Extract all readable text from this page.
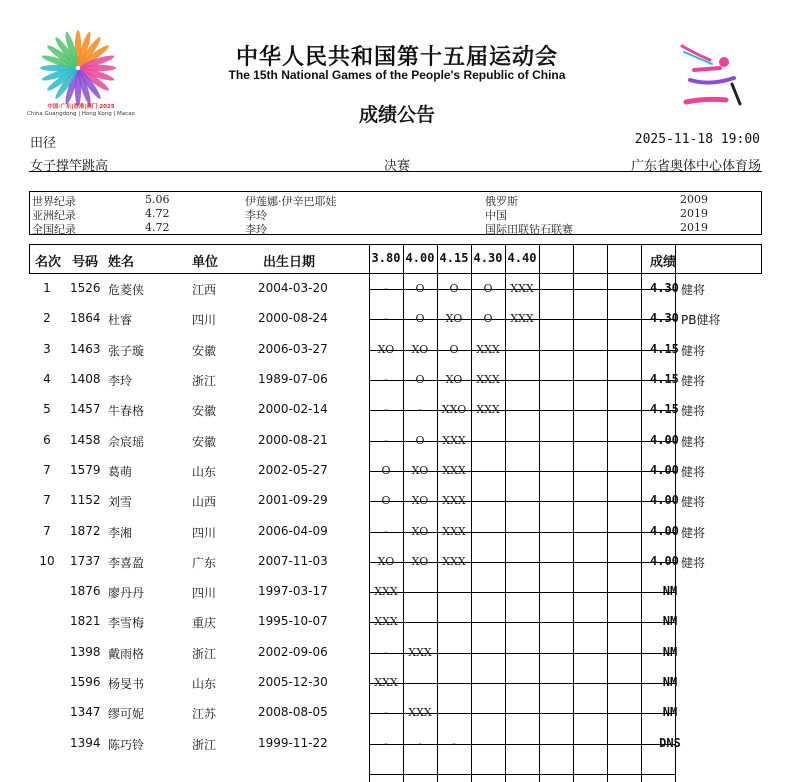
中国·广东|香港|澳门 2025
China Guangdong | Hong Kong | Macao
中华人民共和国第十五届运动会
The 15th National Games of the People's Republic of China
成绩公告
田径	2025-11-18 19:00
女子撑竿跳高	决赛	广东省奥体中心体育场
世界纪录	5.06	伊莲娜·伊辛巴耶娃	俄罗斯	2009
亚洲纪录	4.72	李玲	中国	2019
全国纪录	4.72	李玲	国际田联钻石联赛	2019
名次 号码 姓名	单位	出生日期	成绩
3.80 4.00 4.15 4.30 4.40
1	1526 危菱侠	江西	2004-03-20	-	O	O	O	XXX	4.30 健将
2	1864 杜睿	四川	2000-08-24	-	O	XO	O	XXX	4.30 PB健将
3	1463 张子璇	安徽	2006-03-27	XO	XO	O	XXX	4.15 健将
4	1408 李玲	浙江	1989-07-06	-	O	XO	XXX	4.15 健将
5	1457 牛春格	安徽	2000-02-14	-	-	XXO XXX	4.15 健将
6	1458 佘宸瑶	安徽	2000-08-21	-	O	XXX	4.00 健将
7	1579 葛萌	山东	2002-05-27	O	XO	XXX	4.00 健将
7	1152 刘雪	山西	2001-09-29	O	XO	XXX	4.00 健将
7	1872 李湘	四川	2006-04-09	-	XO	XXX	4.00 健将
10	1737 李喜盈	广东	2007-11-03	XO	XO	XXX	4.00 健将
1876 廖丹丹	四川	1997-03-17	XXX	NM
1821 李雪梅	重庆	1995-10-07	XXX	NM
1398 戴雨格	浙江	2002-09-06	-	XXX	NM
1596 杨旻书	山东	2005-12-30	XXX	NM
1347 缪可妮	江苏	2008-08-05	-	XXX	NM
1394 陈巧铃	浙江	1999-11-22	-	-	-	DNS
